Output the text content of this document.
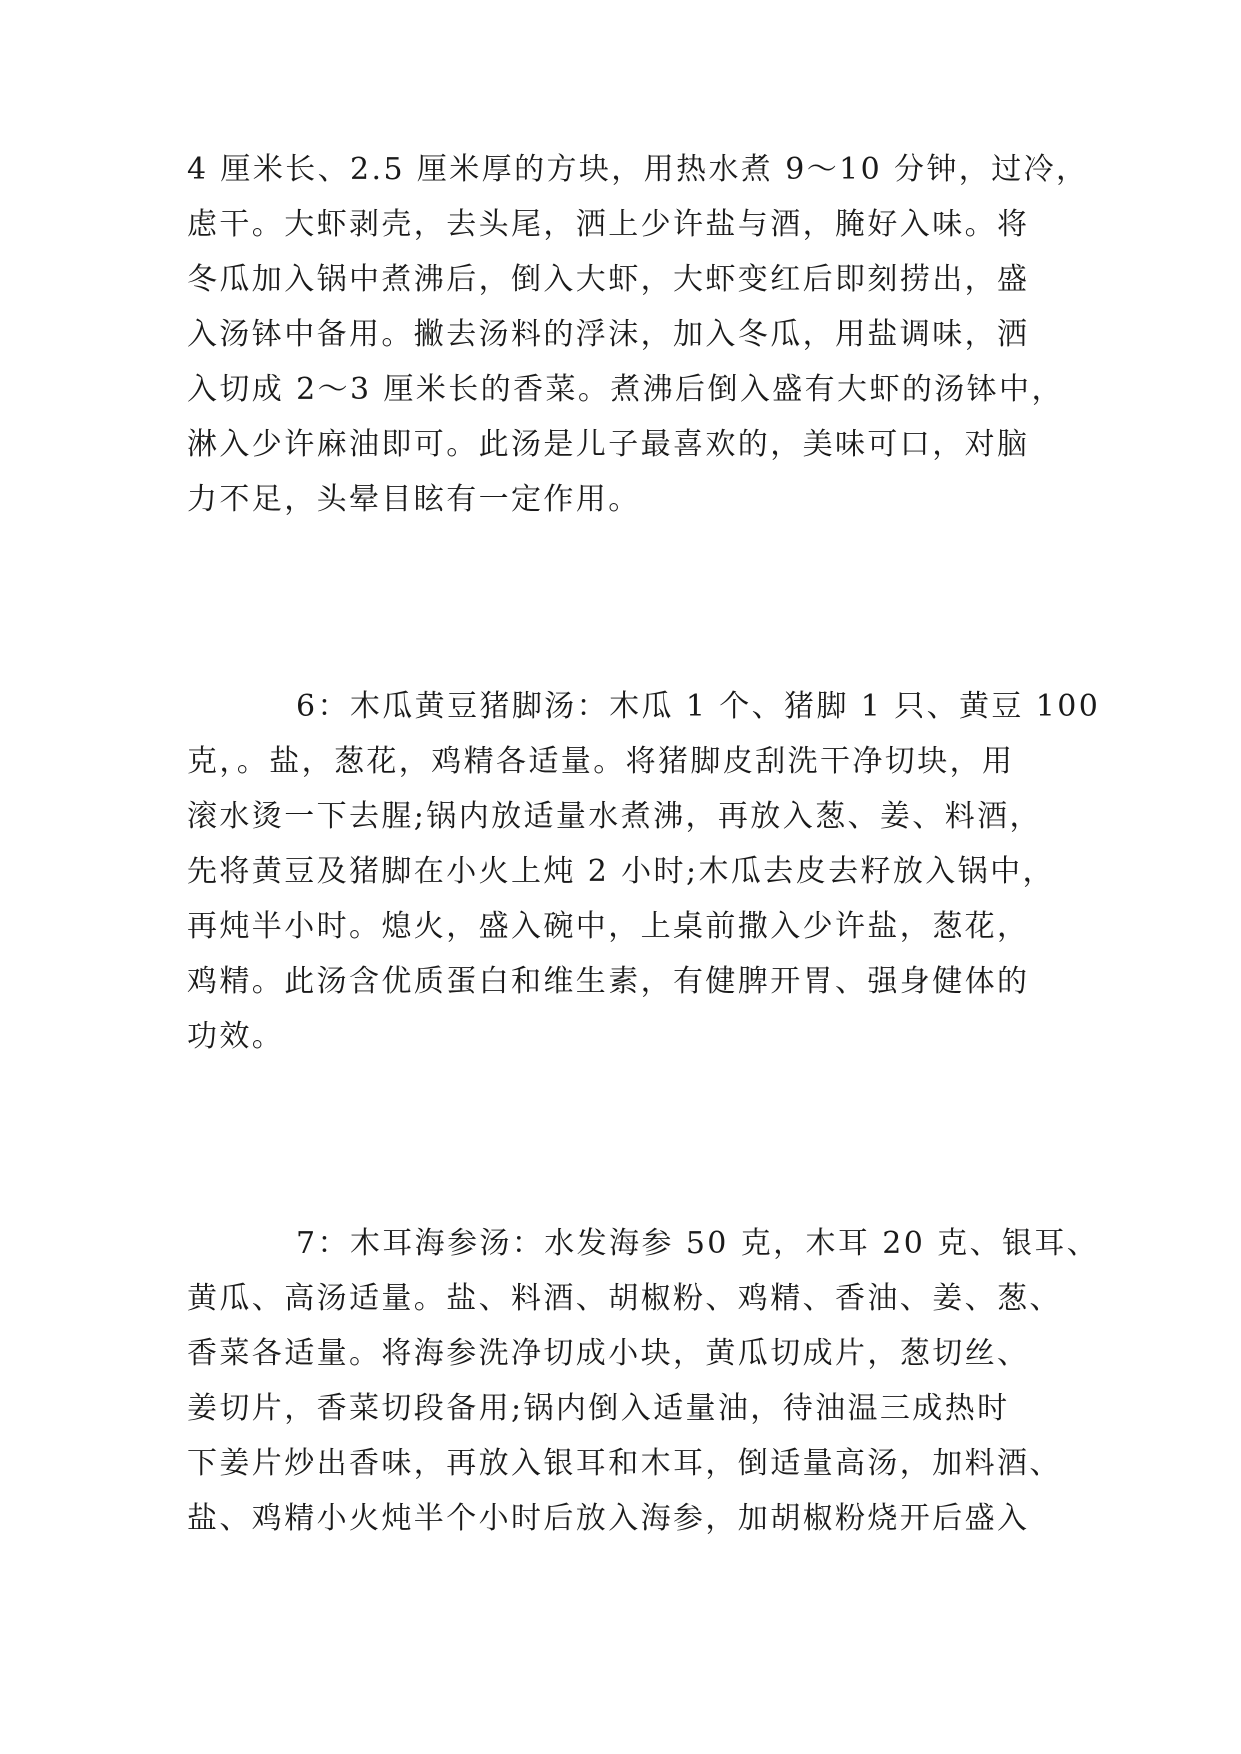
4 厘米长、2.5 厘米厚的方块，用热水煮 9～10 分钟，过冷，
虑干。大虾剥壳，去头尾，洒上少许盐与酒，腌好入味。将
冬瓜加入锅中煮沸后，倒入大虾，大虾变红后即刻捞出，盛
入汤钵中备用。撇去汤料的浮沫，加入冬瓜，用盐调味，洒
入切成 2～3 厘米长的香菜。煮沸后倒入盛有大虾的汤钵中，
淋入少许麻油即可。此汤是儿子最喜欢的，美味可口，对脑
力不足，头晕目眩有一定作用。
6：木瓜黄豆猪脚汤：木瓜 1 个、猪脚 1 只、黄豆 100
克，。盐，葱花，鸡精各适量。将猪脚皮刮洗干净切块，用
滚水烫一下去腥;锅内放适量水煮沸，再放入葱、姜、料酒，
先将黄豆及猪脚在小火上炖 2 小时;木瓜去皮去籽放入锅中，
再炖半小时。熄火，盛入碗中，上桌前撒入少许盐，葱花，
鸡精。此汤含优质蛋白和维生素，有健脾开胃、强身健体的
功效。
7：木耳海参汤：水发海参 50 克，木耳 20 克、银耳、
黄瓜、高汤适量。盐、料酒、胡椒粉、鸡精、香油、姜、葱、
香菜各适量。将海参洗净切成小块，黄瓜切成片，葱切丝、
姜切片，香菜切段备用;锅内倒入适量油，待油温三成热时
下姜片炒出香味，再放入银耳和木耳，倒适量高汤，加料酒、
盐、鸡精小火炖半个小时后放入海参，加胡椒粉烧开后盛入
